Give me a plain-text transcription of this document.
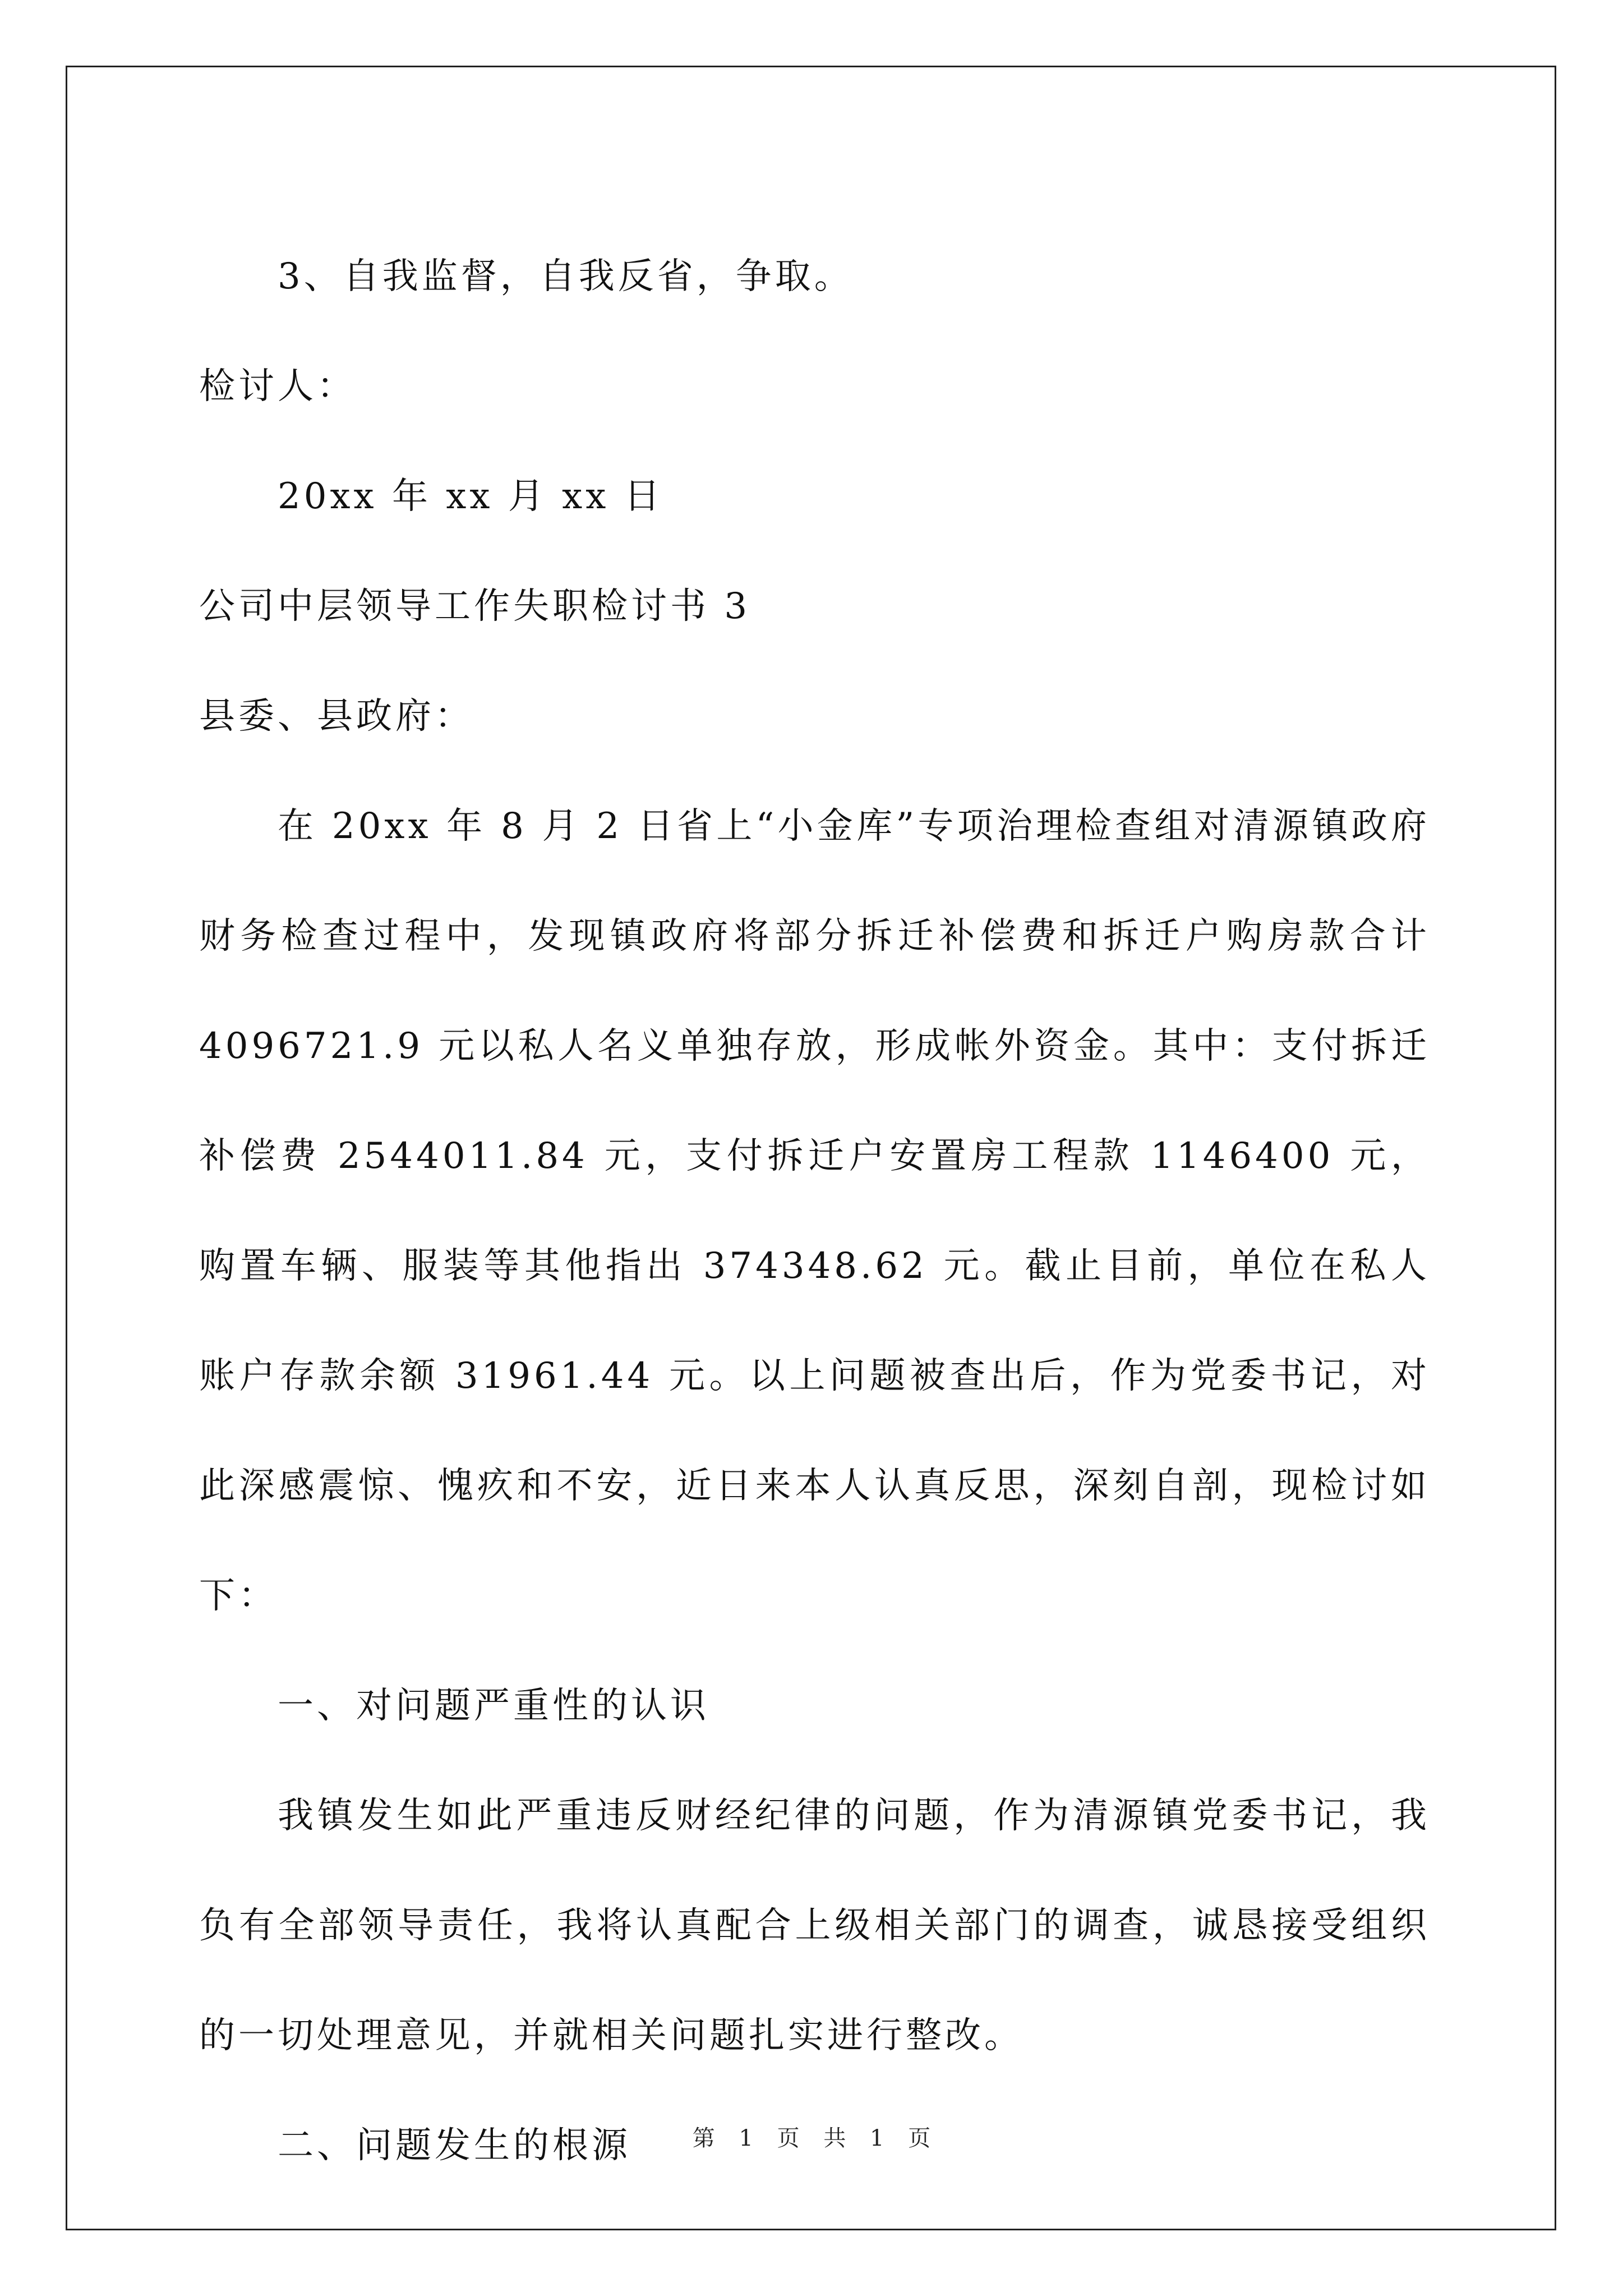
3、自我监督，自我反省，争取。
检讨人：
20xx 年 xx 月 xx 日
公司中层领导工作失职检讨书 3
县委、县政府：
在 20xx 年 8 月 2 日省上“小金库”专项治理检查组对清源镇政府财务检查过程中，发现镇政府将部分拆迁补偿费和拆迁户购房款合计 4096721.9 元以私人名义单独存放，形成帐外资金。其中：支付拆迁补偿费 2544011.84 元，支付拆迁户安置房工程款 1146400 元，购置车辆、服装等其他指出 374348.62 元。截止目前，单位在私人账户存款余额 31961.44 元。以上问题被查出后，作为党委书记，对此深感震惊、愧疚和不安，近日来本人认真反思，深刻自剖，现检讨如下：
一、对问题严重性的认识
我镇发生如此严重违反财经纪律的问题，作为清源镇党委书记，我负有全部领导责任，我将认真配合上级相关部门的调查，诚恳接受组织的一切处理意见，并就相关问题扎实进行整改。
二、问题发生的根源	第 1 页 共 1 页
